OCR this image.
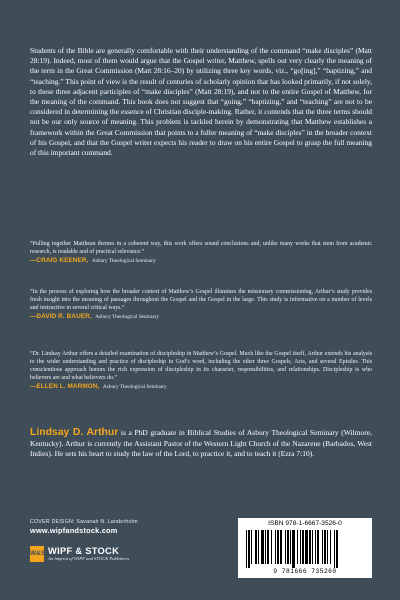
Students of the Bible are generally comfortable with their understanding of the command “make disciples” (Matt 28:19). Indeed, most of them would argue that the Gospel writer, Matthew, spells out very clearly the meaning of the term in the Great Commission (Matt 28:16–20) by utilizing three key words, viz., “go[ing],” “baptizing,” and “teaching.” This point of view is the result of centuries of scholarly opinion that has looked primarily, if not solely, to these three adjacent participles of “make disciples” (Matt 28:19), and not to the entire Gospel of Matthew, for the meaning of the command. This book does not suggest that “going,” “baptizing,” and “teaching” are not to be considered in determining the essence of Christian disciple-making. Rather, it contends that the three terms should not be our only source of meaning. This problem is tackled herein by demonstrating that Matthew establishes a framework within the Great Commission that points to a fuller meaning of “make disciples” in the broader context of his Gospel, and that the Gospel writer expects his reader to draw on his entire Gospel to grasp the full meaning of this important command.

“Pulling together Matthean themes in a coherent way, this work offers sound conclusions and, unlike many works that stem from academic research, is readable and of practical relevance.”

—CRAIG KEENER, Asbury Theological Seminary

“In the process of exploring how the broader context of Matthew’s Gospel illumines the missionary commissioning, Arthur’s study provides fresh insight into the meaning of passages throughout the Gospel and the Gospel in the large. This study is informative on a number of levels and instructive in several critical ways.”

—DAVID R. BAUER, Asbury Theological Seminary

“Dr. Lindsay Arthur offers a detailed examination of discipleship in Matthew’s Gospel. Much like the Gospel itself, Arthur extends his analysis to the wider understanding and practice of discipleship in God’s word, including the other three Gospels, Acts, and several Epistles. This conscientious approach honors the rich expression of discipleship in its character, responsibilities, and relationships. Discipleship is who believers are and what believers do.”

—ELLEN L. MARMON, Asbury Theological Seminary

Lindsay D. Arthur is a PhD graduate in Biblical Studies of Asbury Theological Seminary (Wilmore, Kentucky). Arthur is currently the Assistant Pastor of the Western Light Church of the Nazarene (Barbados, West Indies). He sets his heart to study the law of the Lord, to practice it, and to teach it (Ezra 7:10).

COVER DESIGN: Savanah N. Landerholm
www.wipfandstock.com
W&S WIPF & STOCK
An Imprint of WIPF and STOCK Publishers
ISBN 978-1-6667-3526-0
9 781666 735260
